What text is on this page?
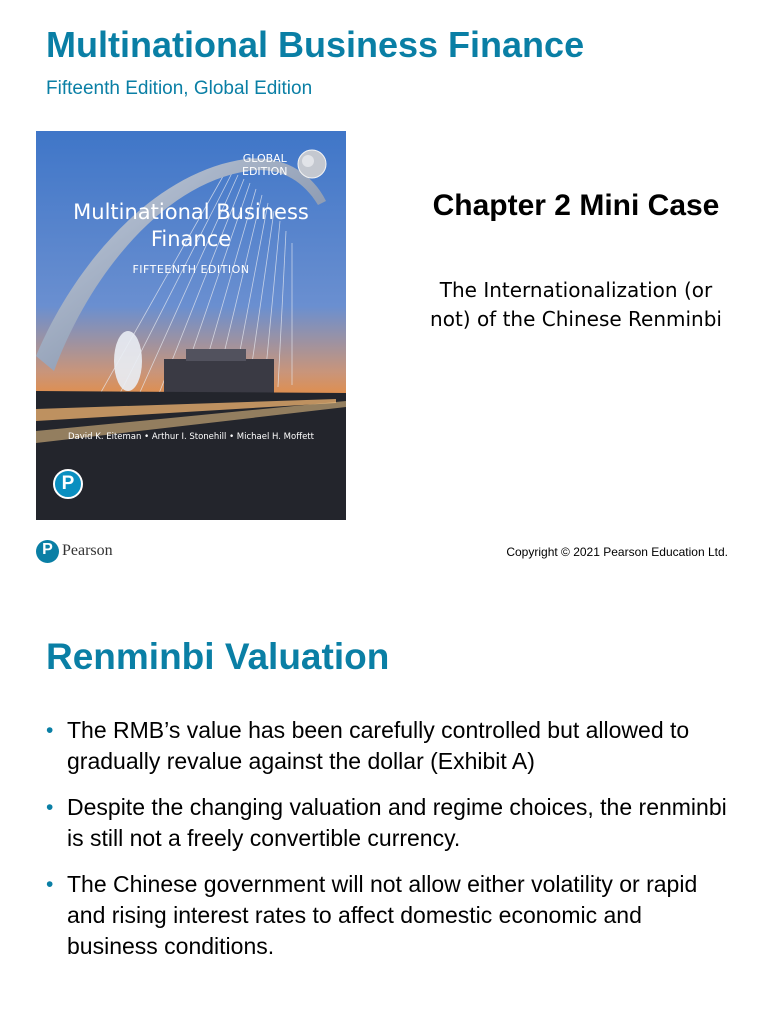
Multinational Business Finance
Fifteenth Edition, Global Edition
GLOBAL
EDITION
Multinational Business
Finance
FIFTEENTH EDITION
David K. Eiteman • Arthur I. Stonehill • Michael H. Moffett
P
Chapter 2 Mini Case
The Internationalization (or not) of the Chinese Renminbi
P Pearson	Copyright © 2021 Pearson Education Ltd.
Renminbi Valuation
• The RMB’s value has been carefully controlled but allowed to gradually revalue against the dollar (Exhibit A)
• Despite the changing valuation and regime choices, the renminbi is still not a freely convertible currency.
• The Chinese government will not allow either volatility or rapid and rising interest rates to affect domestic economic and business conditions.
